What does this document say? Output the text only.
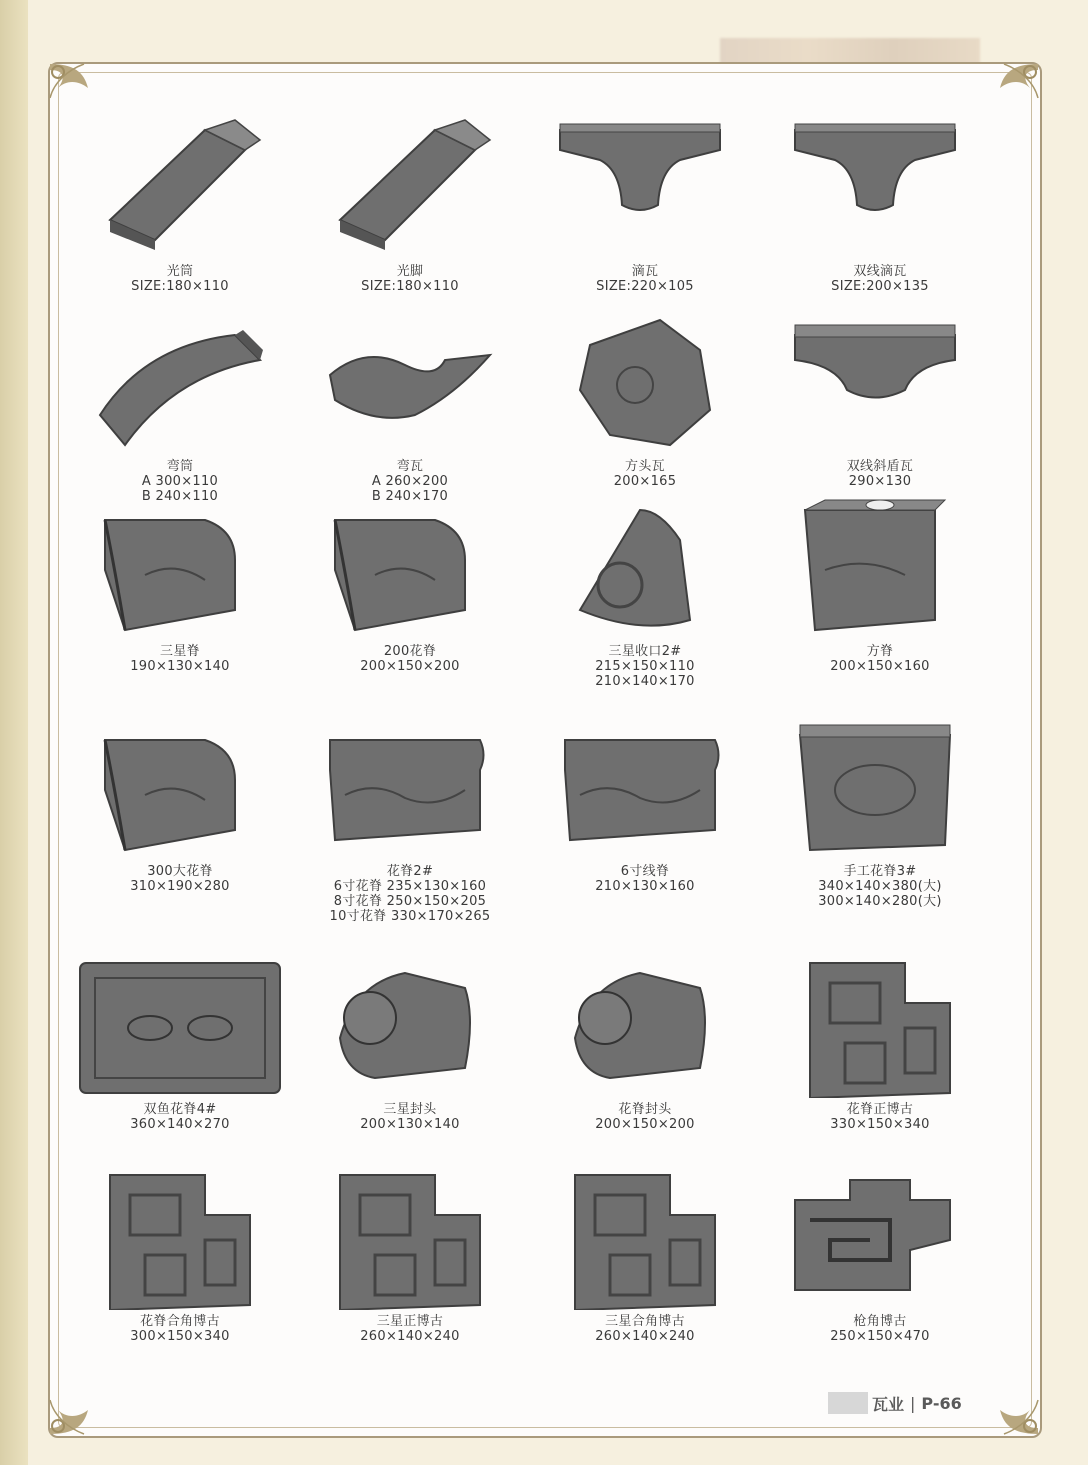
光筒
SIZE:180×110
光脚
SIZE:180×110
滴瓦
SIZE:220×105
双线滴瓦
SIZE:200×135
弯筒
A 300×110
B 240×110
弯瓦
A 260×200
B 240×170
方头瓦
200×165
双线斜盾瓦
290×130
三星脊
190×130×140
200花脊
200×150×200
三星收口2#
215×150×110
210×140×170
方脊
200×150×160
300大花脊
310×190×280
花脊2#
6寸花脊 235×130×160
8寸花脊 250×150×205
10寸花脊 330×170×265
6寸线脊
210×130×160
手工花脊3#
340×140×380(大)
300×140×280(大)
双鱼花脊4#
360×140×270
三星封头
200×130×140
花脊封头
200×150×200
花脊正博古
330×150×340
花脊合角博古
300×150×340
三星正博古
260×140×240
三星合角博古
260×140×240
枪角博古
250×150×470
瓦业 | P-66
